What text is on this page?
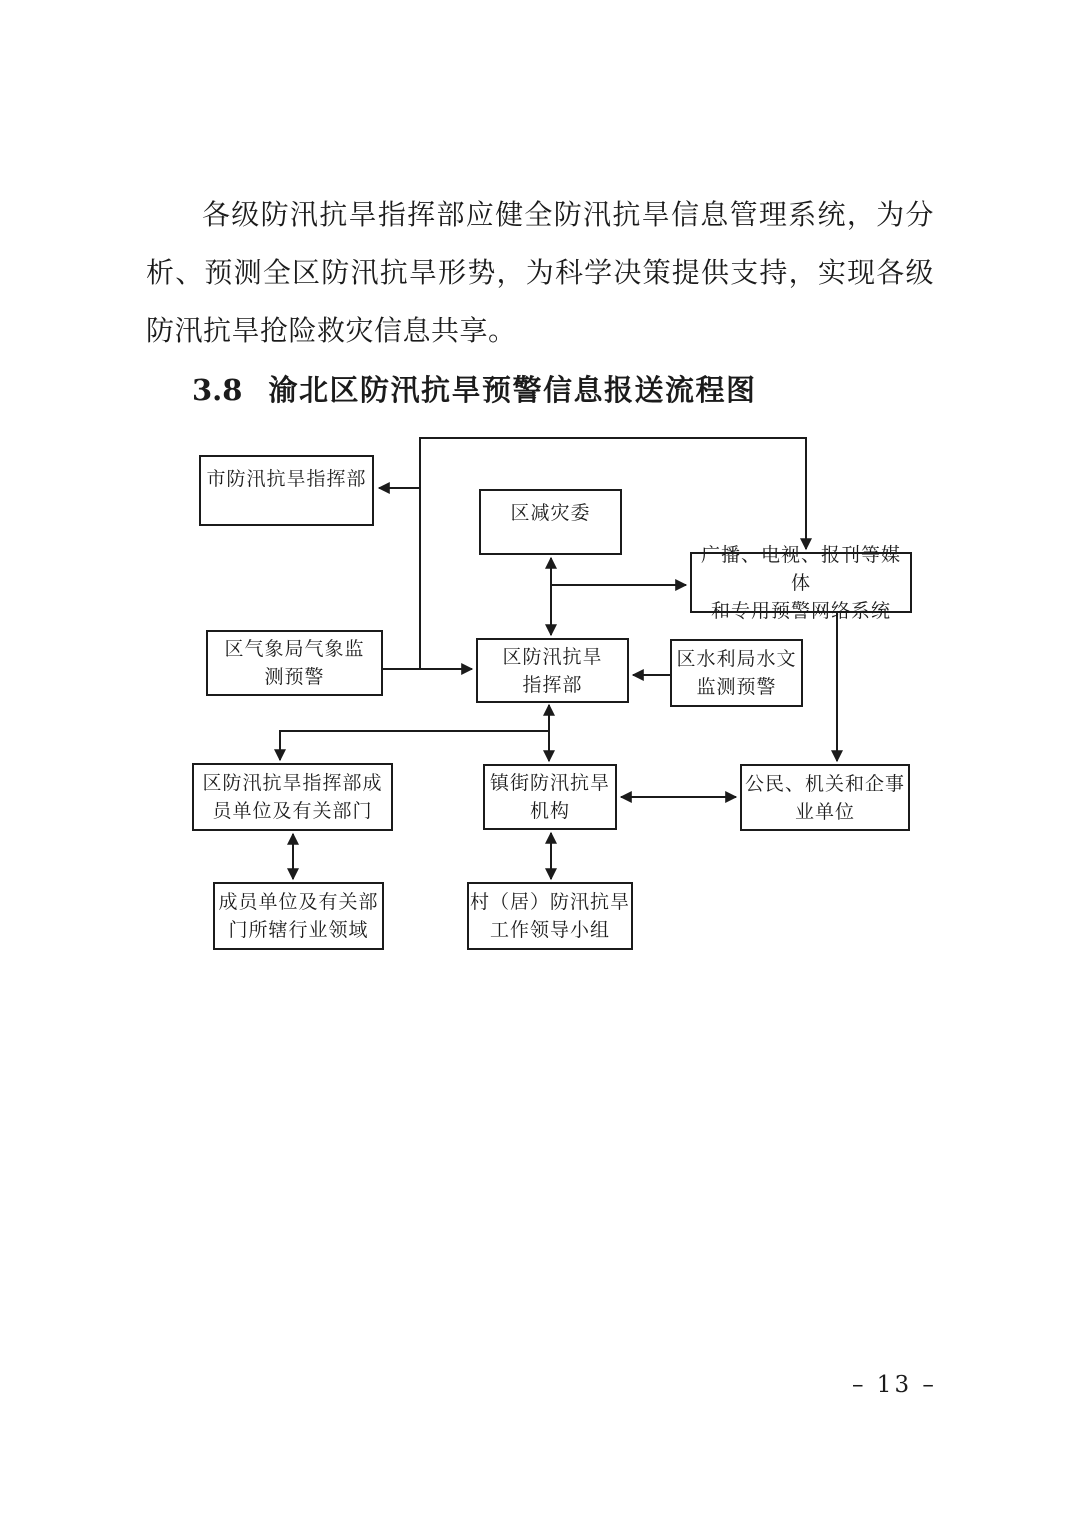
各级防汛抗旱指挥部应健全防汛抗旱信息管理系统，为分析、预测全区防汛抗旱形势，为科学决策提供支持，实现各级防汛抗旱抢险救灾信息共享。

3.8 渝北区防汛抗旱预警信息报送流程图
市防汛抗旱指挥部
区减灾委
广播、电视、报刊等媒体
和专用预警网络系统
区气象局气象监
测预警
区防汛抗旱
指挥部
区水利局水文
监测预警
区防汛抗旱指挥部成
员单位及有关部门
镇街防汛抗旱
机构
公民、机关和企事
业单位
成员单位及有关部
门所辖行业领域
村（居）防汛抗旱
工作领导小组
– 13 –
